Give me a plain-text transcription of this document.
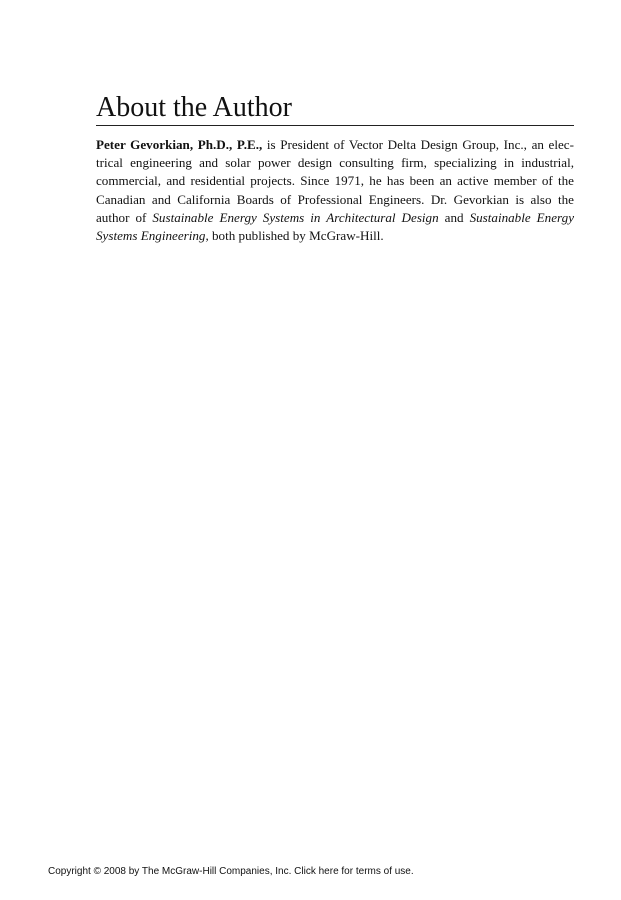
About the Author

Peter Gevorkian, Ph.D., P.E., is President of Vector Delta Design Group, Inc., an electrical engineering and solar power design consulting firm, specializing in industrial, commercial, and residential projects. Since 1971, he has been an active member of the Canadian and California Boards of Professional Engineers. Dr. Gevorkian is also the author of Sustainable Energy Systems in Architectural Design and Sustainable Energy Systems Engineering, both published by McGraw-Hill.

Copyright © 2008 by The McGraw-Hill Companies, Inc. Click here for terms of use.
